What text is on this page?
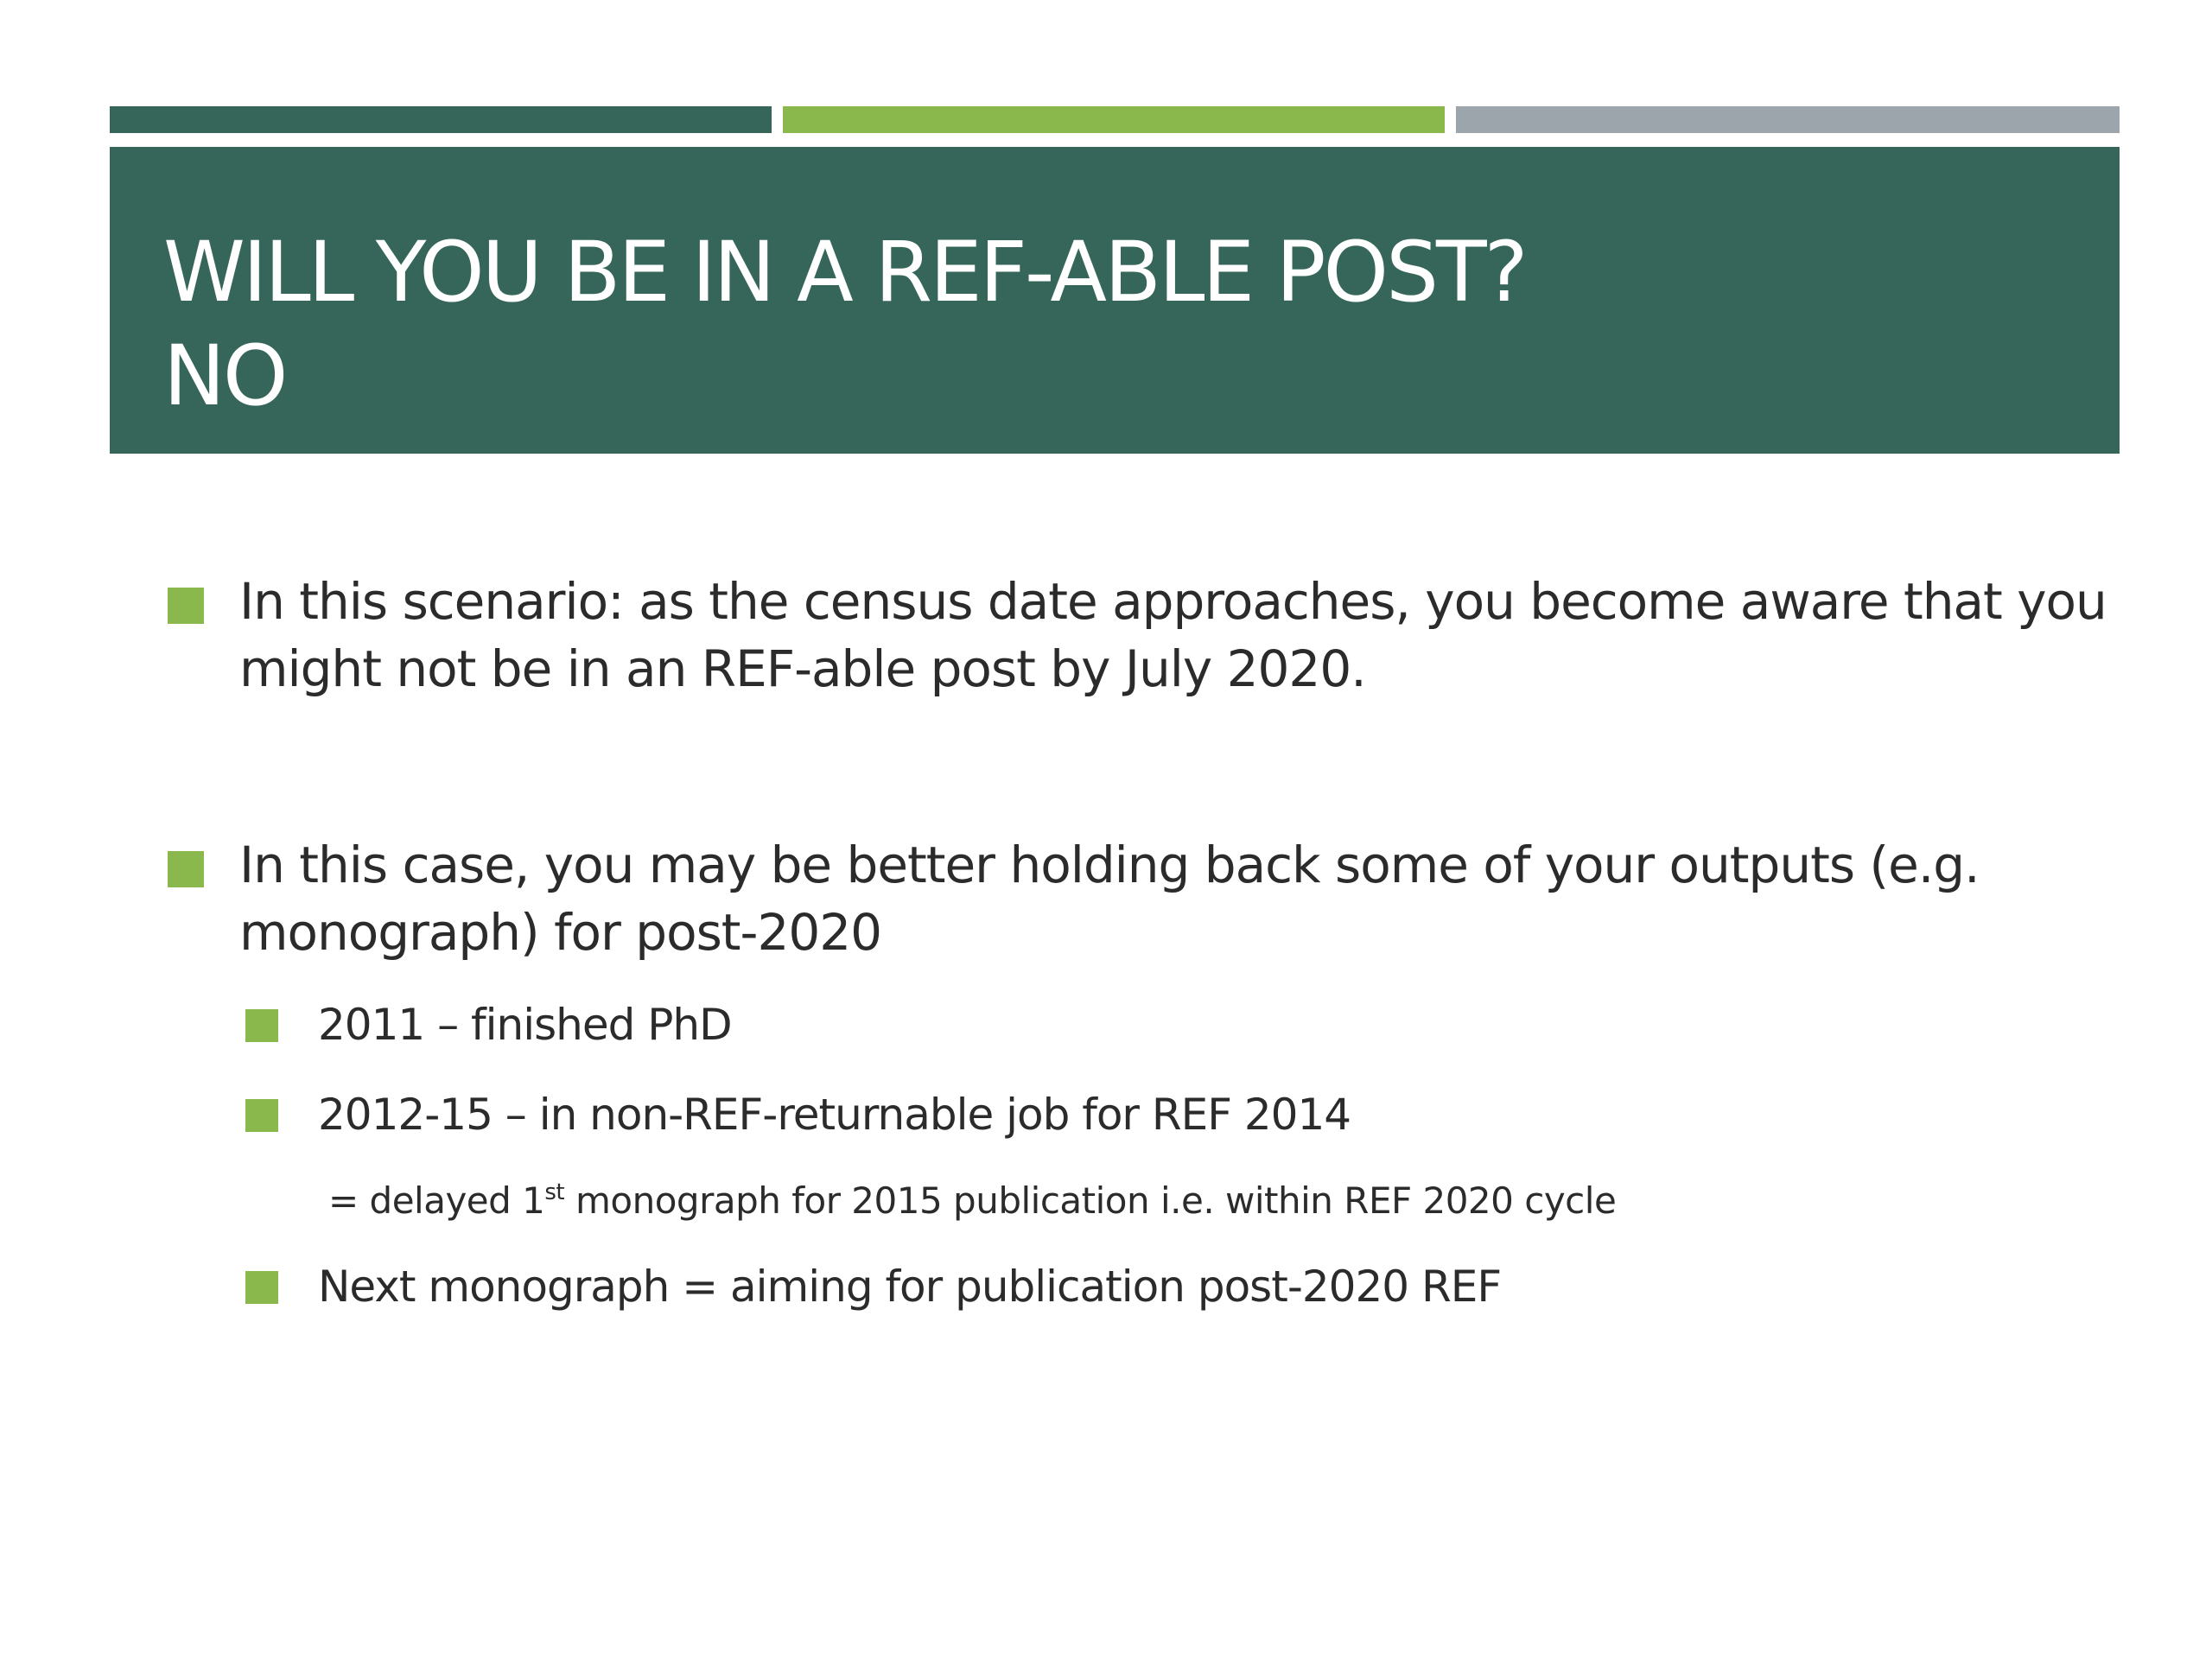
WILL YOU BE IN A REF-ABLE POST?
NO
In this scenario: as the census date approaches, you become aware that you
might not be in an REF-able post by July 2020.
In this case, you may be better holding back some of your outputs (e.g.
monograph) for post-2020
2011 – finished PhD
2012-15 – in non-REF-returnable job for REF 2014
= delayed 1st monograph for 2015 publication i.e. within REF 2020 cycle
Next monograph = aiming for publication post-2020 REF
